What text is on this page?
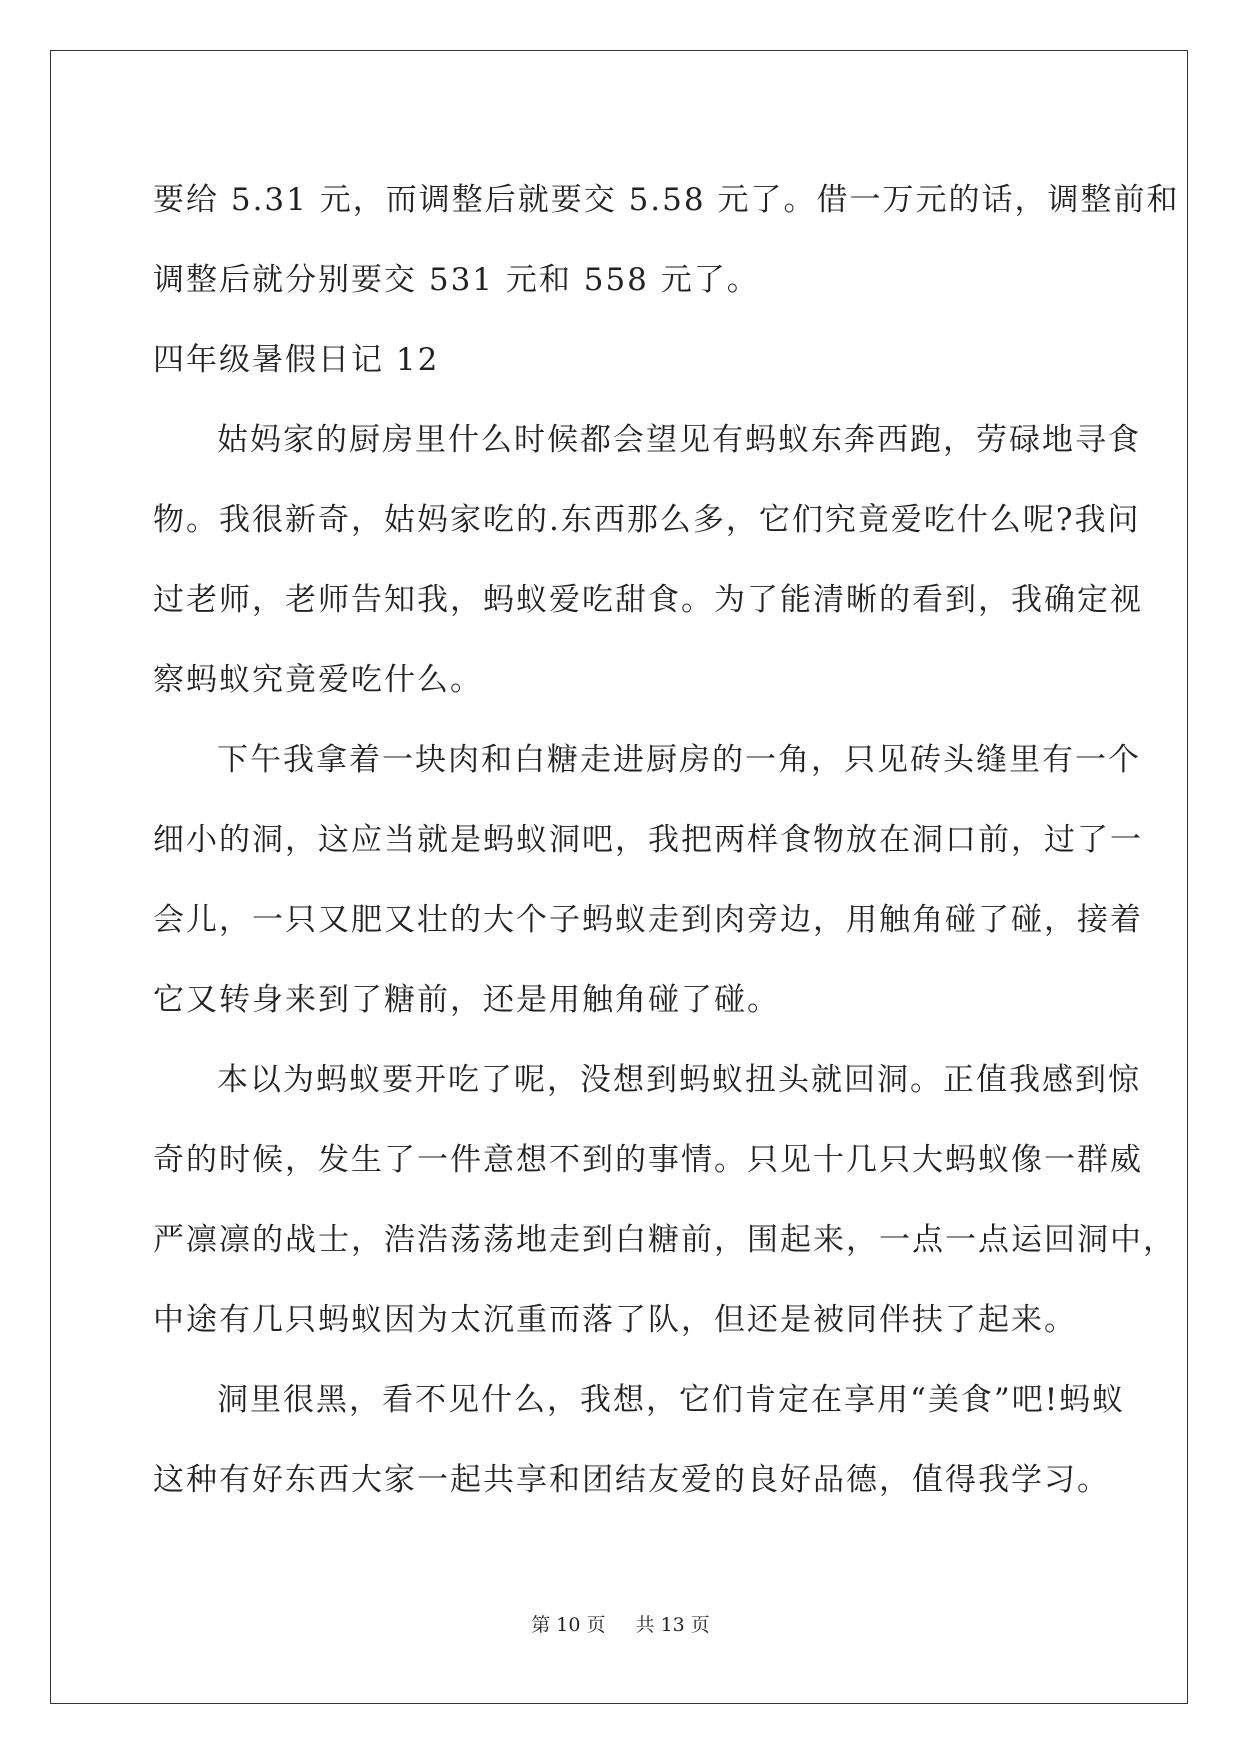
要给 5.31 元，而调整后就要交 5.58 元了。借一万元的话，调整前和
调整后就分别要交 531 元和 558 元了。
四年级暑假日记 12
姑妈家的厨房里什么时候都会望见有蚂蚁东奔西跑，劳碌地寻食
物。我很新奇，姑妈家吃的.东西那么多，它们究竟爱吃什么呢?我问
过老师，老师告知我，蚂蚁爱吃甜食。为了能清晰的看到，我确定视
察蚂蚁究竟爱吃什么。
下午我拿着一块肉和白糖走进厨房的一角，只见砖头缝里有一个
细小的洞，这应当就是蚂蚁洞吧，我把两样食物放在洞口前，过了一
会儿，一只又肥又壮的大个子蚂蚁走到肉旁边，用触角碰了碰，接着
它又转身来到了糖前，还是用触角碰了碰。
本以为蚂蚁要开吃了呢，没想到蚂蚁扭头就回洞。正值我感到惊
奇的时候，发生了一件意想不到的事情。只见十几只大蚂蚁像一群威
严凛凛的战士，浩浩荡荡地走到白糖前，围起来，一点一点运回洞中，
中途有几只蚂蚁因为太沉重而落了队，但还是被同伴扶了起来。
洞里很黑，看不见什么，我想，它们肯定在享用“美食”吧!蚂蚁
这种有好东西大家一起共享和团结友爱的良好品德，值得我学习。
第 10 页 共 13 页
